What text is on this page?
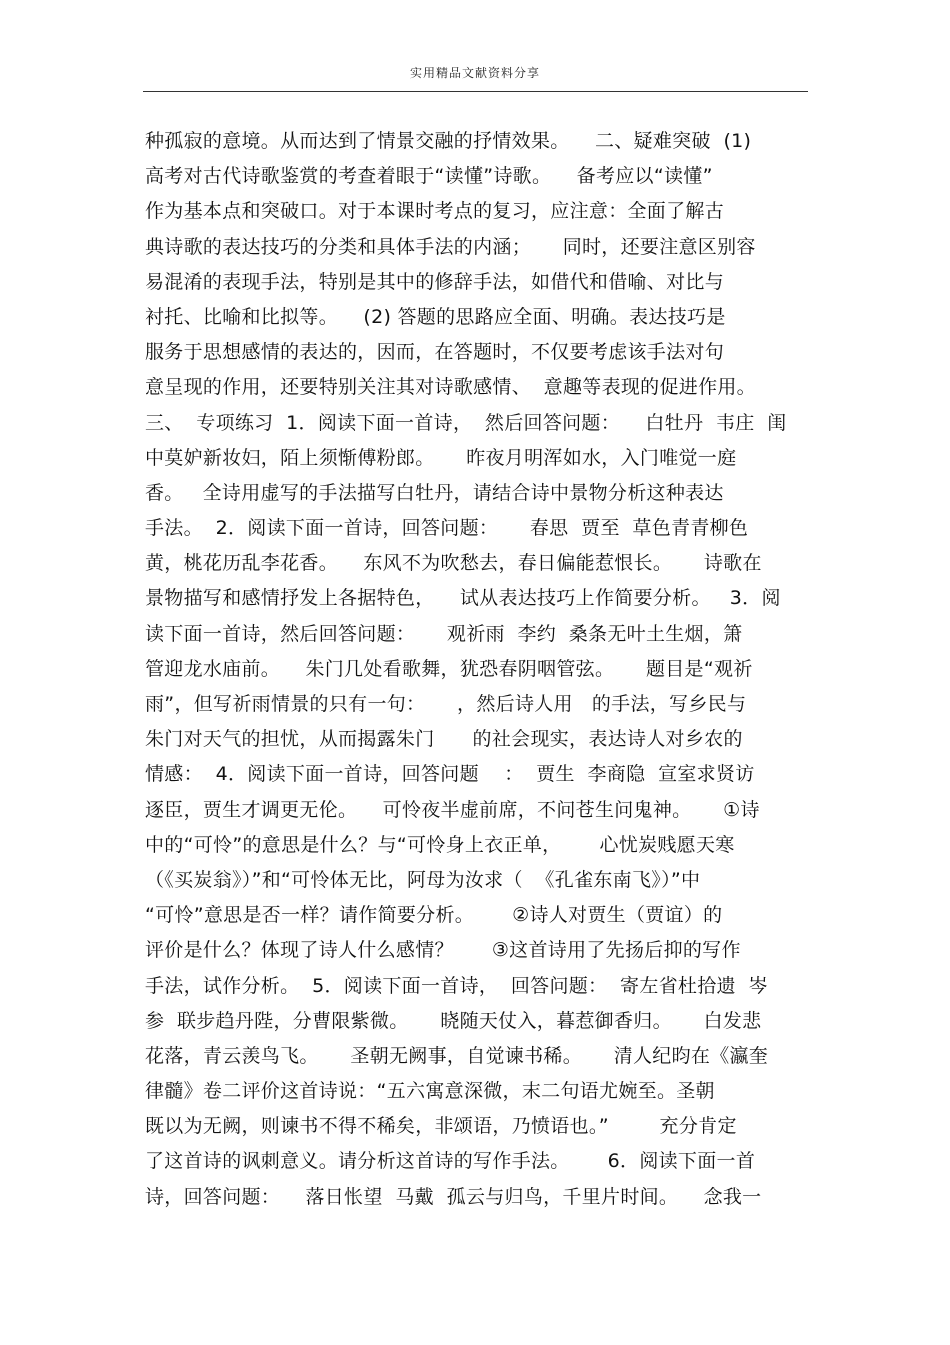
实用精品文献资料分享
种孤寂的意境。从而达到了情景交融的抒情效果。    二、疑难突破  (1)
高考对古代诗歌鉴赏的考查着眼于“读懂”诗歌。    备考应以“读懂”
作为基本点和突破口。对于本课时考点的复习，应注意：全面了解古
典诗歌的表达技巧的分类和具体手法的内涵；     同时，还要注意区别容
易混淆的表现手法，特别是其中的修辞手法，如借代和借喻、对比与
衬托、比喻和比拟等。    (2) 答题的思路应全面、明确。表达技巧是
服务于思想感情的表达的，因而，在答题时，不仅要考虑该手法对句
意呈现的作用，还要特别关注其对诗歌感情、  意趣等表现的促进作用。
三、  专项练习  1．阅读下面一首诗，  然后回答问题：    白牡丹  韦庄  闺
中莫妒新妆妇，陌上须惭傅粉郎。     昨夜月明浑如水，入门唯觉一庭
香。   全诗用虚写的手法描写白牡丹，请结合诗中景物分析这种表达
手法。  2．阅读下面一首诗，回答问题：     春思  贾至  草色青青柳色
黄，桃花历乱李花香。    东风不为吹愁去，春日偏能惹恨长。     诗歌在
景物描写和感情抒发上各据特色，    试从表达技巧上作简要分析。   3．阅
读下面一首诗，然后回答问题：     观祈雨  李约  桑条无叶土生烟，箫
管迎龙水庙前。    朱门几处看歌舞，犹恐春阴咽管弦。     题目是“观祈
雨”，但写祈雨情景的只有一句：     ，然后诗人用   的手法，写乡民与
朱门对天气的担忧，从而揭露朱门      的社会现实，表达诗人对乡农的
情感：  4．阅读下面一首诗，回答问题    ：  贾生  李商隐  宣室求贤访
逐臣，贾生才调更无伦。    可怜夜半虚前席，不问苍生问鬼神。     ①诗
中的“可怜”的意思是什么？与“可怜身上衣正单，      心忧炭贱愿天寒
（《买炭翁》）”和“可怜体无比，阿母为汝求（  《孔雀东南飞》）”中
“可怜”意思是否一样？请作简要分析。      ②诗人对贾生（贾谊）的
评价是什么？体现了诗人什么感情？      ③这首诗用了先扬后抑的写作
手法，试作分析。  5．阅读下面一首诗，  回答问题：  寄左省杜拾遗  岑
参  联步趋丹陛，分曹限紫微。     晓随天仗入，暮惹御香归。     白发悲
花落，青云羡鸟飞。     圣朝无阙事，自觉谏书稀。     清人纪昀在《瀛奎
律髓》卷二评价这首诗说：“五六寓意深微，末二句语尤婉至。圣朝
既以为无阙，则谏书不得不稀矣，非颂语，乃愤语也。”        充分肯定
了这首诗的讽刺意义。请分析这首诗的写作手法。      6．阅读下面一首
诗，回答问题：    落日怅望  马戴  孤云与归鸟，千里片时间。    念我一
